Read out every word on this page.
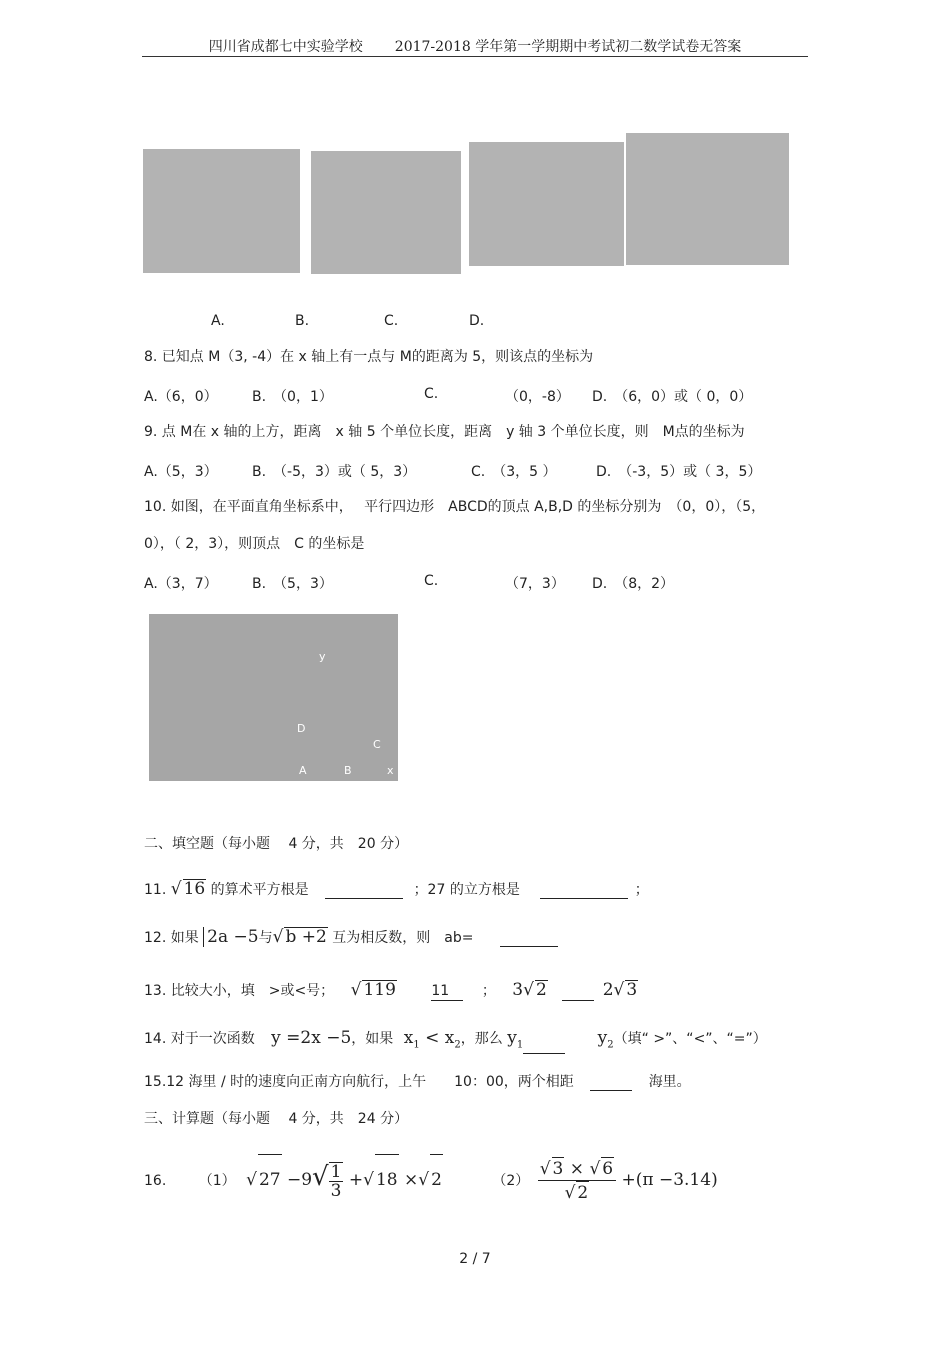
四川省成都七中实验学校 2017-2018 学年第一学期期中考试初二数学试卷无答案
A.	B.	C.	D.
8. 已知点 M（3, -4）在 x 轴上有一点与 M的距离为 5，则该点的坐标为
A.（6，0） B.　（0，1）	C.	（0，-8） D.　（6，0）或（ 0，0）
9. 点 M在 x 轴的上方，距离　x 轴 5 个单位长度，距离　y 轴 3 个单位长度，则　M点的坐标为
A.（5，3） B.　（-5，3）或（ 5，3）	C.　（3，5 ）	D.　（-3，5）或（ 3，5）
10. 如图，在平面直角坐标系中，　 平行四边形　ABCD的顶点 A,B,D 的坐标分别为　（0，0），（5，
0），（ 2，3），则顶点　C 的坐标是
A.（3，7） B.　（5，3）	C.	（7，3） D.　（8，2）
y
D
C
A	B	x
二、填空题（每小题　 4 分，共　20 分）
11. √ 16 的算术平方根是	；27 的立方根是	；
12. 如果 2a −5与√ b +2 互为相反数，则　ab=
13. 比较大小，填　>或<号； √ 119	11 ； 3√ 2	2√ 3
14. 对于一次函数 y =2x −5，如果 $x_1 < x_2$，那么 $y_1$	$y_2$（填“ >”、“<”、“=”）
15.12 海里 / 时的速度向正南方向航行，上午　　10：00，两个相距	海里。
三、计算题（每小题　 4 分，共　24 分）
16. （1） √ $27 -9√ \frac{1}{3}$ +√ 18 ×√ 2	$(2) \frac{√ 3 \times √ 6}{√ 2} +(\pi -3.14)$
2 / 7
